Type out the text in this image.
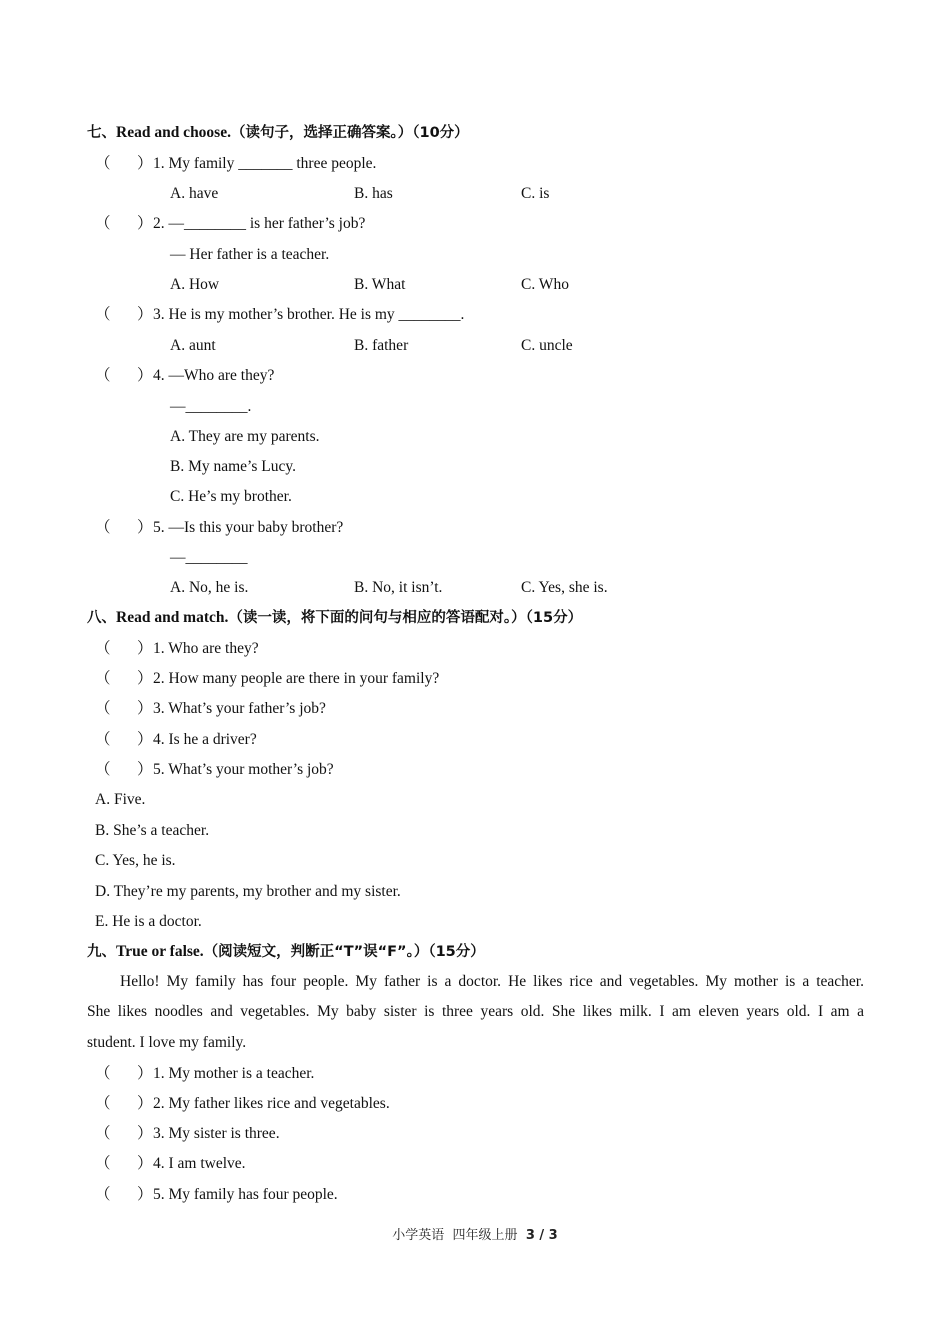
七、Read and choose.（读句子，选择正确答案。）（10分）
（ ） 1. My family _______ three people.
A. have	B. has	C. is
（ ） 2. —________ is her father’s job?
— Her father is a teacher.
A. How	B. What	C. Who
（ ） 3. He is my mother’s brother. He is my ________.
A. aunt	B. father	C. uncle
（ ） 4. —Who are they?
—________.
A. They are my parents.
B. My name’s Lucy.
C. He’s my brother.
（ ） 5. —Is this your baby brother?
—________
A. No, he is.	B. No, it isn’t.	C. Yes, she is.
八、Read and match.（读一读，将下面的问句与相应的答语配对。）（15分）
（ ） 1. Who are they?
（ ） 2. How many people are there in your family?
（ ） 3. What’s your father’s job?
（ ） 4. Is he a driver?
（ ） 5. What’s your mother’s job?
A. Five.
B. She’s a teacher.
C. Yes, he is.
D. They’re my parents, my brother and my sister.
E. He is a doctor.
九、True or false.（阅读短文，判断正“T”误“F”。）（15分）
Hello! My family has four people. My father is a doctor. He likes rice and vegetables. My mother is a teacher.
She likes noodles and vegetables. My baby sister is three years old. She likes milk. I am eleven years old. I am a
student. I love my family.
（ ） 1. My mother is a teacher.
（ ） 2. My father likes rice and vegetables.
（ ） 3. My sister is three.
（ ） 4. I am twelve.
（ ） 5. My family has four people.
小学英语  四年级上册  3 / 3
